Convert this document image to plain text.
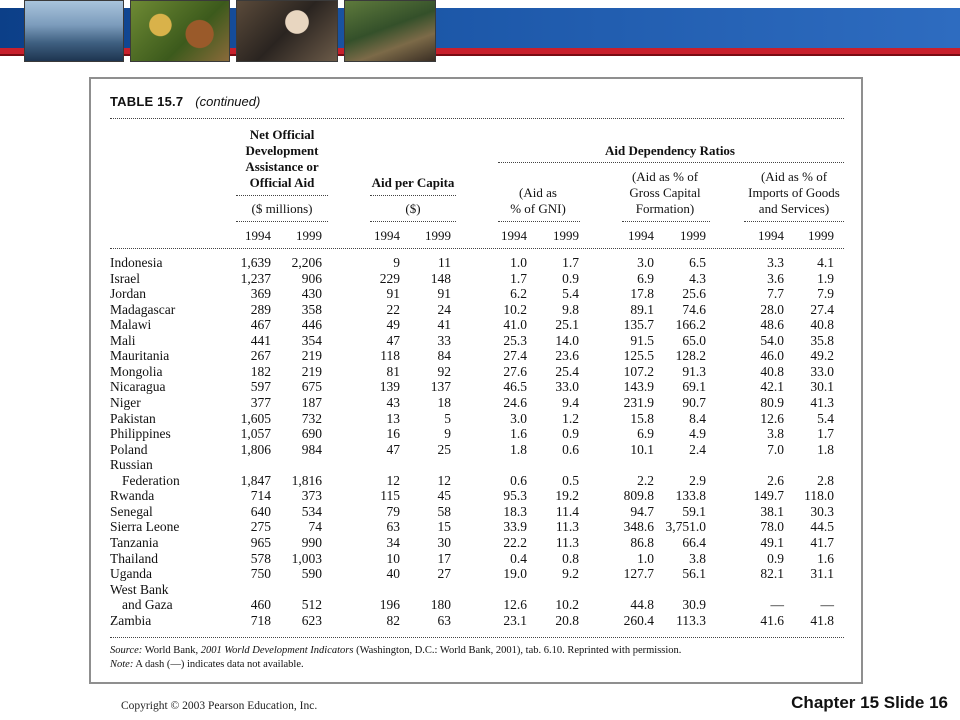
TABLE 15.7 (continued)
Net Official
Development
Assistance or
Official Aid
($ millions)
Aid per Capita
($)
Aid Dependency Ratios
(Aid as
% of GNI)
(Aid as % of
Gross Capital
Formation)
(Aid as % of
Imports of Goods
and Services)
1994	1999	1994	1999	1994	1999	1994	1999	1994	1999
Indonesia	1,639	2,206	9	11	1.0	1.7	3.0	6.5	3.3	4.1
Israel	1,237	906	229	148	1.7	0.9	6.9	4.3	3.6	1.9
Jordan	369	430	91	91	6.2	5.4	17.8	25.6	7.7	7.9
Madagascar	289	358	22	24	10.2	9.8	89.1	74.6	28.0	27.4
Malawi	467	446	49	41	41.0	25.1	135.7	166.2	48.6	40.8
Mali	441	354	47	33	25.3	14.0	91.5	65.0	54.0	35.8
Mauritania	267	219	118	84	27.4	23.6	125.5	128.2	46.0	49.2
Mongolia	182	219	81	92	27.6	25.4	107.2	91.3	40.8	33.0
Nicaragua	597	675	139	137	46.5	33.0	143.9	69.1	42.1	30.1
Niger	377	187	43	18	24.6	9.4	231.9	90.7	80.9	41.3
Pakistan	1,605	732	13	5	3.0	1.2	15.8	8.4	12.6	5.4
Philippines	1,057	690	16	9	1.6	0.9	6.9	4.9	3.8	1.7
Poland	1,806	984	47	25	1.8	0.6	10.1	2.4	7.0	1.8
Russian
Federation	1,847	1,816	12	12	0.6	0.5	2.2	2.9	2.6	2.8
Rwanda	714	373	115	45	95.3	19.2	809.8	133.8	149.7	118.0
Senegal	640	534	79	58	18.3	11.4	94.7	59.1	38.1	30.3
Sierra Leone	275	74	63	15	33.9	11.3	348.6 3,751.0	78.0	44.5
Tanzania	965	990	34	30	22.2	11.3	86.8	66.4	49.1	41.7
Thailand	578	1,003	10	17	0.4	0.8	1.0	3.8	0.9	1.6
Uganda	750	590	40	27	19.0	9.2	127.7	56.1	82.1	31.1
West Bank
and Gaza	460	512	196	180	12.6	10.2	44.8	30.9	—	—
Zambia	718	623	82	63	23.1	20.8	260.4	113.3	41.6	41.8
Source: World Bank, 2001 World Development Indicators (Washington, D.C.: World Bank, 2001), tab. 6.10. Reprinted with permission.
Note: A dash (—) indicates data not available.
Copyright © 2003 Pearson Education, Inc.	Chapter 15 Slide 16
